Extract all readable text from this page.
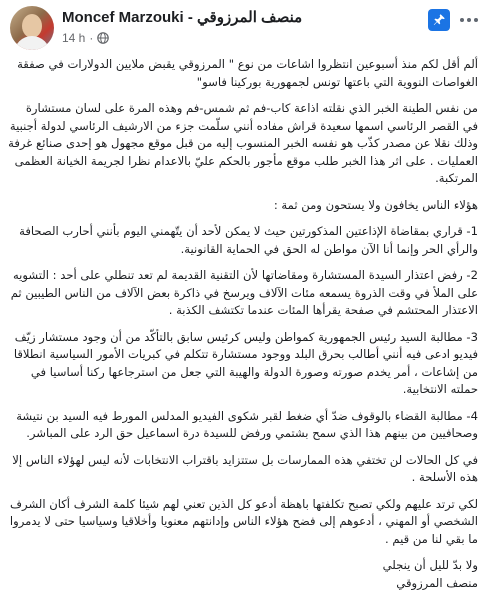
Moncef Marzouki - منصف المرزوقي
14 h ·

ألم أقل لكم منذ أسبوعين انتظروا اشاعات من نوع " المرزوقي يقبض ملايين الدولارات في صفقة الغواصات النووية التي باعتها تونس لجمهورية بوركينا فاسو"

من نفس الطينة الخبر الذي نقلته اذاعة كاب-فم ثم شمس-فم وهذه المرة على لسان مستشارة في القصر الرئاسي اسمها سعيدة قراش مفاده أنني سلّمت جزء من الارشيف الرئاسي لدولة أجنبية وذلك نقلا عن مصدر كذّب هو نفسه الخبر المنسوب إليه من قبل موقع مجهول هو إحدى صنائع غرفة العمليات . على اثر هذا الخبر طلب موقع مأجور بالحكم عليّ بالاعدام نظرا لجريمة الخيانة العظمى المرتكبة.

هؤلاء الناس يخافون ولا يستحون ومن ثمة :

1- قراري بمقاضاة الإذاعتين المذكورتين حيث لا يمكن لأحد أن يتّهمني اليوم بأنني أحارب الصحافة والرأي الحر وإنما أنا الآن مواطن له الحق في الحماية القانونية.

2- رفض اعتذار السيدة المستشارة ومقاضاتها لأن التقنية القديمة لم تعد تنطلي على أحد : التشويه على الملأ في وقت الذروة يسمعه مئات الآلاف ويرسخ في ذاكرة بعض الآلاف من الناس الطيبين ثم الاعتذار المحتشم في صفحة يقرأها المئات عندما تكتشف الكذبة .

3- مطالبة السيد رئيس الجمهورية كمواطن وليس كرئيس سابق بالتأكّد من أن وجود مستشار زيّف فيديو ادعى فيه أنني أطالب بحرق البلد ووجود مستشارة تتكلم في كبريات الأمور السياسية انطلاقا من إشاعات ، أمر يخدم صورته وصورة الدولة والهيبة التي جعل من استرجاعها ركنا أساسيا في حملته الانتخابية.

4- مطالبة القضاء بالوقوف ضدّ أي ضغط لقبر شكوى الفيديو المدلس المورط فيه السيد بن نتيشة وصحافيين من بينهم هذا الذي سمح بشتمي ورفض للسيدة درة اسماعيل حق الرد على المباشر.

في كل الحالات لن تختفي هذه الممارسات بل ستتزايد باقتراب الانتخابات لأنه ليس لهؤلاء الناس إلا هذه الأسلحة .

لكي ترتد عليهم ولكي تصبح تكلفتها باهظة أدعو كل الذين تعني لهم شيئا كلمة الشرف أكان الشرف الشخصي أو المهني ، أدعوهم إلى فضح هؤلاء الناس وإدانتهم معنويا وأخلاقيا وسياسيا حتى لا يدمروا ما بقي لنا من قيم .

ولا بدّ لليل أن ينجلي

منصف المرزوقي
